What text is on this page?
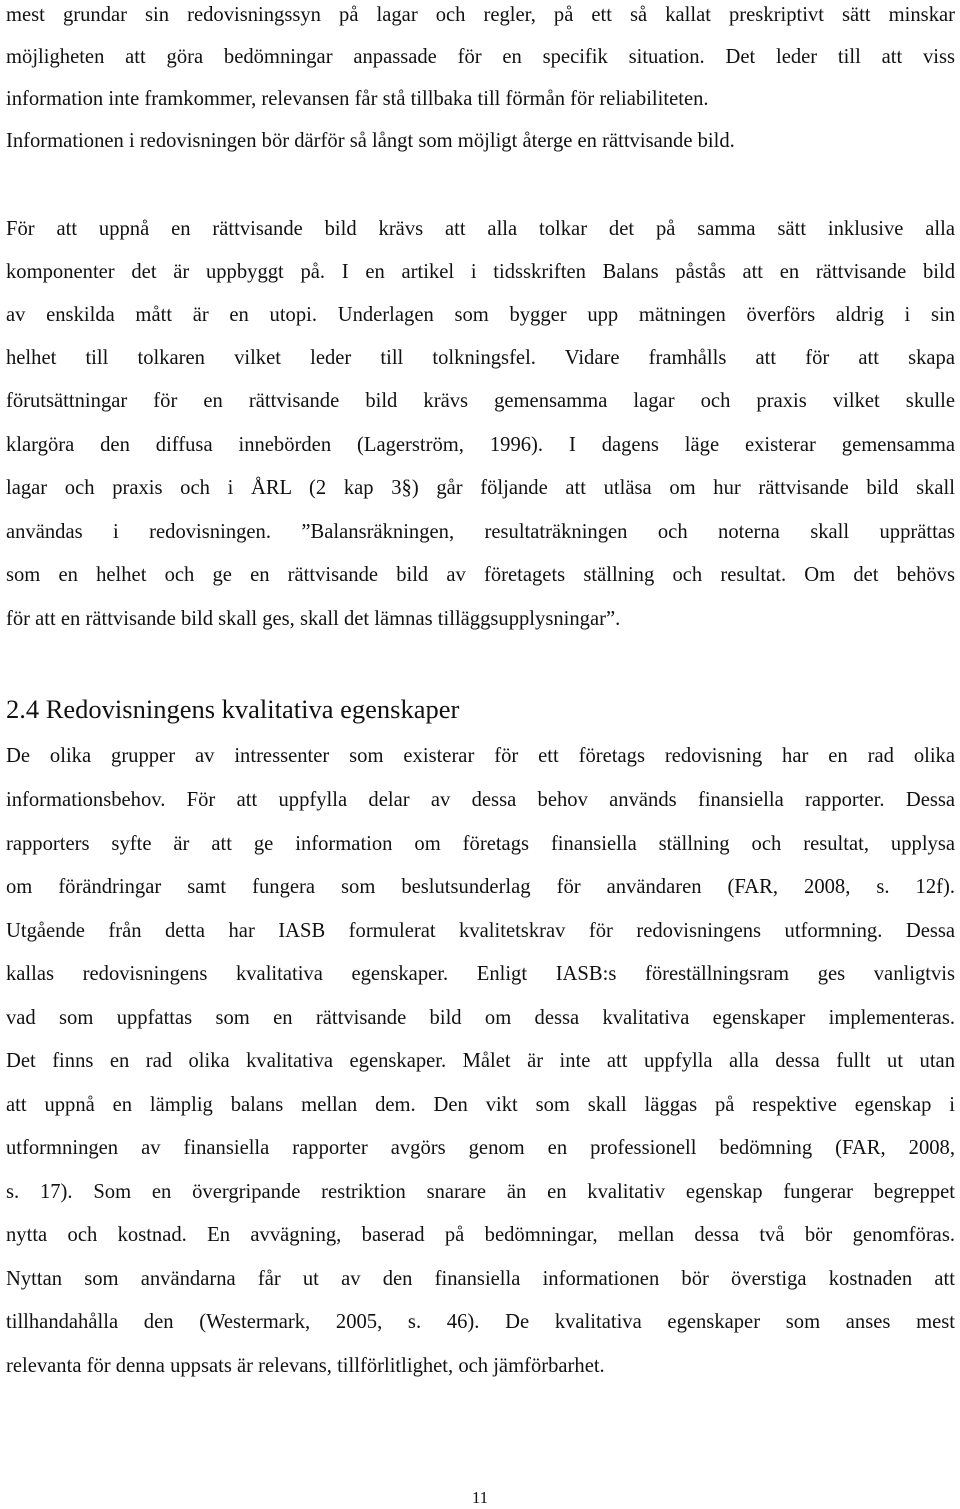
mest grundar sin redovisningssyn på lagar och regler, på ett så kallat preskriptivt sätt minskar
möjligheten att göra bedömningar anpassade för en specifik situation. Det leder till att viss
information inte framkommer, relevansen får stå tillbaka till förmån för reliabiliteten.
Informationen i redovisningen bör därför så långt som möjligt återge en rättvisande bild.
För att uppnå en rättvisande bild krävs att alla tolkar det på samma sätt inklusive alla
komponenter det är uppbyggt på. I en artikel i tidsskriften Balans påstås att en rättvisande bild
av enskilda mått är en utopi. Underlagen som bygger upp mätningen överförs aldrig i sin
helhet till tolkaren vilket leder till tolkningsfel. Vidare framhålls att för att skapa
förutsättningar för en rättvisande bild krävs gemensamma lagar och praxis vilket skulle
klargöra den diffusa innebörden (Lagerström, 1996). I dagens läge existerar gemensamma
lagar och praxis och i ÅRL (2 kap 3§) går följande att utläsa om hur rättvisande bild skall
användas i redovisningen. ”Balansräkningen, resultaträkningen och noterna skall upprättas
som en helhet och ge en rättvisande bild av företagets ställning och resultat. Om det behövs
för att en rättvisande bild skall ges, skall det lämnas tilläggsupplysningar”.
2.4 Redovisningens kvalitativa egenskaper
De olika grupper av intressenter som existerar för ett företags redovisning har en rad olika
informationsbehov. För att uppfylla delar av dessa behov används finansiella rapporter. Dessa
rapporters syfte är att ge information om företags finansiella ställning och resultat, upplysa
om förändringar samt fungera som beslutsunderlag för användaren (FAR, 2008, s. 12f).
Utgående från detta har IASB formulerat kvalitetskrav för redovisningens utformning. Dessa
kallas redovisningens kvalitativa egenskaper. Enligt IASB:s föreställningsram ges vanligtvis
vad som uppfattas som en rättvisande bild om dessa kvalitativa egenskaper implementeras.
Det finns en rad olika kvalitativa egenskaper. Målet är inte att uppfylla alla dessa fullt ut utan
att uppnå en lämplig balans mellan dem. Den vikt som skall läggas på respektive egenskap i
utformningen av finansiella rapporter avgörs genom en professionell bedömning (FAR, 2008,
s. 17). Som en övergripande restriktion snarare än en kvalitativ egenskap fungerar begreppet
nytta och kostnad. En avvägning, baserad på bedömningar, mellan dessa två bör genomföras.
Nyttan som användarna får ut av den finansiella informationen bör överstiga kostnaden att
tillhandahålla den (Westermark, 2005, s. 46). De kvalitativa egenskaper som anses mest
relevanta för denna uppsats är relevans, tillförlitlighet, och jämförbarhet.
11
